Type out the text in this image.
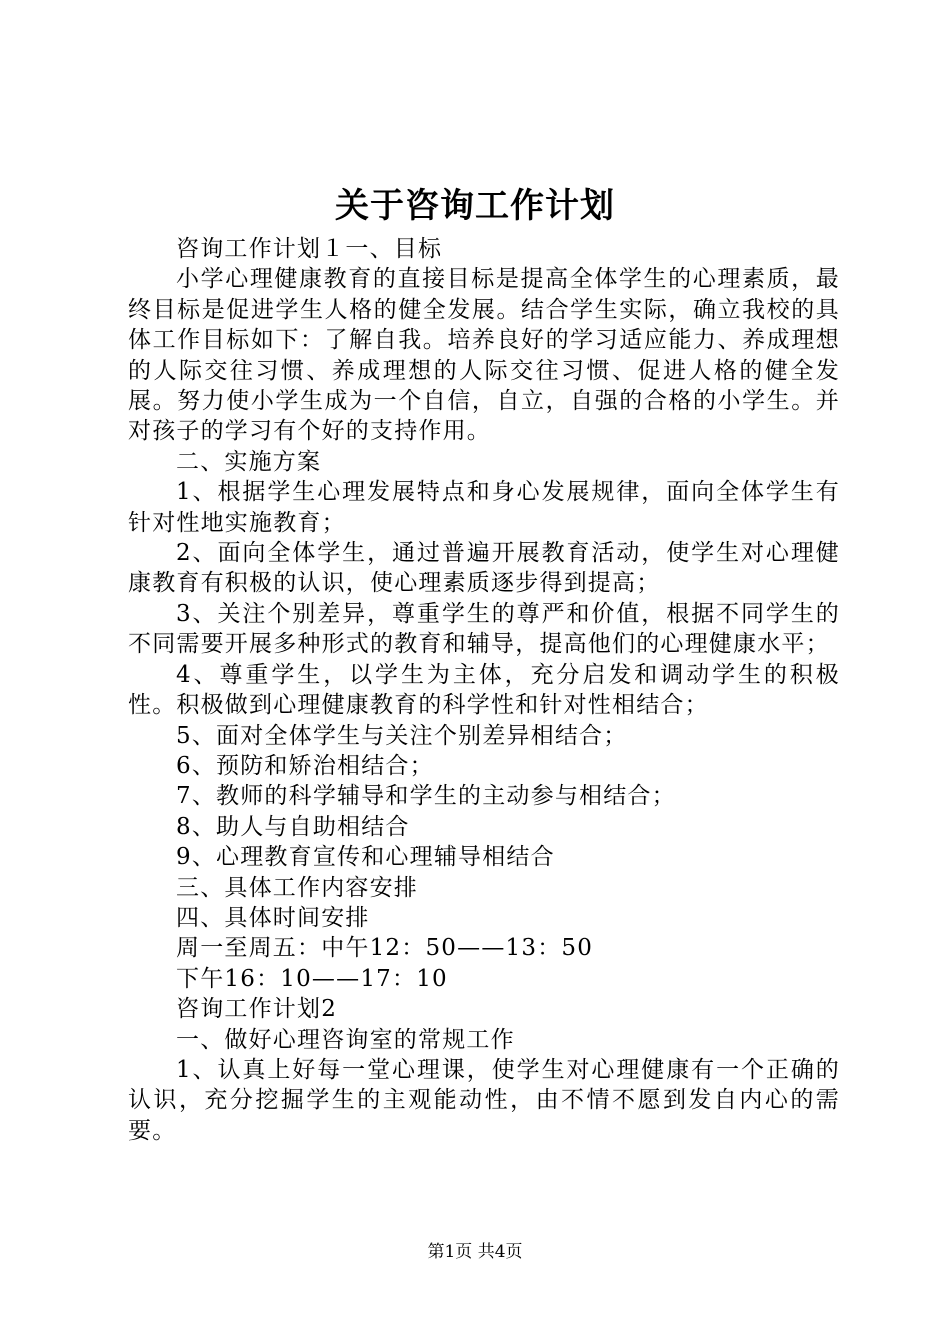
关于咨询工作计划

咨询工作计划１一、目标

小学心理健康教育的直接目标是提高全体学生的心理素质，最终目标是促进学生人格的健全发展。结合学生实际，确立我校的具体工作目标如下：了解自我。培养良好的学习适应能力、养成理想的人际交往习惯、养成理想的人际交往习惯、促进人格的健全发展。努力使小学生成为一个自信，自立，自强的合格的小学生。并对孩子的学习有个好的支持作用。

二、实施方案

1、根据学生心理发展特点和身心发展规律，面向全体学生有针对性地实施教育；

2、面向全体学生，通过普遍开展教育活动，使学生对心理健康教育有积极的认识，使心理素质逐步得到提高；

3、关注个别差异，尊重学生的尊严和价值，根据不同学生的不同需要开展多种形式的教育和辅导，提高他们的心理健康水平；

4、尊重学生，以学生为主体，充分启发和调动学生的积极性。积极做到心理健康教育的科学性和针对性相结合；

5、面对全体学生与关注个别差异相结合；

6、预防和矫治相结合；

7、教师的科学辅导和学生的主动参与相结合；

8、助人与自助相结合

9、心理教育宣传和心理辅导相结合

三、具体工作内容安排

四、具体时间安排

周一至周五：中午12：50——13：50

下午16：10——17：10

咨询工作计划2

一、做好心理咨询室的常规工作

1、认真上好每一堂心理课，使学生对心理健康有一个正确的认识，充分挖掘学生的主观能动性，由不情不愿到发自内心的需要。

第1页 共4页
